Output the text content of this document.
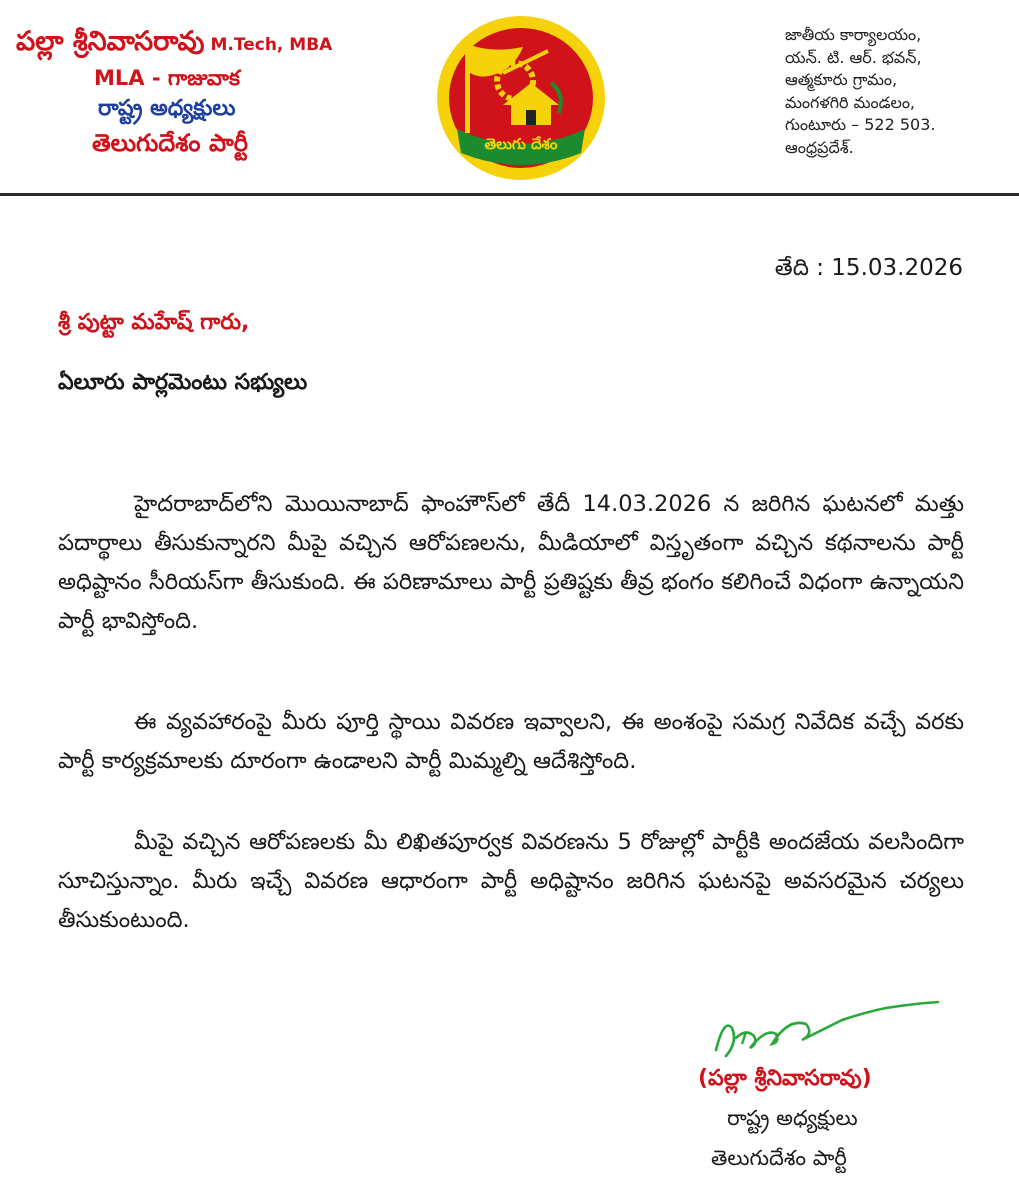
పల్లా శ్రీనివాసరావు M.Tech, MBA
MLA - గాజువాక
రాష్ట్ర అధ్యక్షులు
తెలుగుదేశం పార్టీ	తెలుగు దేశం
జాతీయ కార్యాలయం,
యన్. టి. ఆర్. భవన్,
ఆత్మకూరు గ్రామం,
మంగళగిరి మండలం,
గుంటూరు – 522 503.
ఆంధ్రప్రదేశ్.
తేది : 15.03.2026
శ్రీ పుట్టా మహేష్ గారు,
ఏలూరు పార్లమెంటు సభ్యులు
హైదరాబాద్‌లోని మొయినాబాద్ ఫాంహౌస్‌లో తేదీ 14.03.2026 న జరిగిన ఘటనలో మత్తు పదార్థాలు తీసుకున్నారని మీపై వచ్చిన ఆరోపణలను, మీడియాలో విస్తృతంగా వచ్చిన కథనాలను పార్టీ అధిష్టానం సీరియస్‌గా తీసుకుంది. ఈ పరిణామాలు పార్టీ ప్రతిష్టకు తీవ్ర భంగం కలిగించే విధంగా ఉన్నాయని పార్టీ భావిస్తోంది.
ఈ వ్యవహారంపై మీరు పూర్తి స్థాయి వివరణ ఇవ్వాలని, ఈ అంశంపై సమగ్ర నివేదిక వచ్చే వరకు పార్టీ కార్యక్రమాలకు దూరంగా ఉండాలని పార్టీ మిమ్మల్ని ఆదేశిస్తోంది.
మీపై వచ్చిన ఆరోపణలకు మీ లిఖితపూర్వక వివరణను 5 రోజుల్లో పార్టీకి అందజేయ వలసిందిగా సూచిస్తున్నాం. మీరు ఇచ్చే వివరణ ఆధారంగా పార్టీ అధిష్టానం జరిగిన ఘటనపై అవసరమైన చర్యలు తీసుకుంటుంది.
(పల్లా శ్రీనివాసరావు)
రాష్ట్ర అధ్యక్షులు
తెలుగుదేశం పార్టీ
